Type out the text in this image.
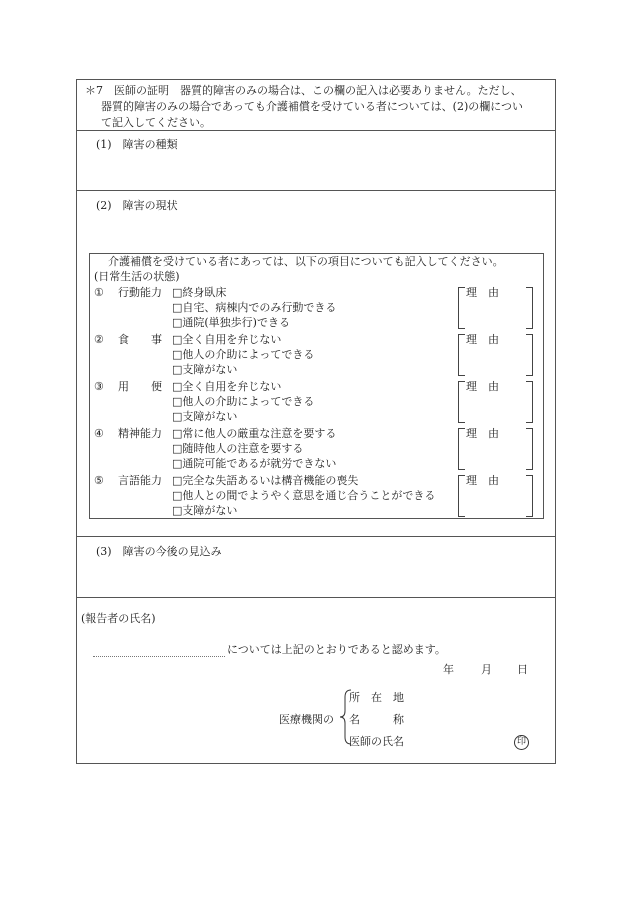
＊7　医師の証明　器質的障害のみの場合は、この欄の記入は必要ありません。ただし、
器質的障害のみの場合であっても介護補償を受けている者については、(2)の欄につい
て記入してください。
(1)　障害の種類
(2)　障害の現状
介護補償を受けている者にあっては、以下の項目についても記入してください。
(日常生活の状態)
① 行動能力 □終身臥床
□自宅、病棟内でのみ行動できる
□通院(単独歩行)できる
理　由
② 食　　事 □全く自用を弁じない
□他人の介助によってできる
□支障がない
理　由
③ 用　　便 □全く自用を弁じない
□他人の介助によってできる
□支障がない
理　由
④ 精神能力 □常に他人の厳重な注意を要する
□随時他人の注意を要する
□通院可能であるが就労できない
理　由
⑤ 言語能力 □完全な失語あるいは構音機能の喪失
□他人との間でようやく意思を通じ合うことができる
□支障がない
理　由
(3)　障害の今後の見込み
(報告者の氏名)
については上記のとおりであると認めます。
年 月 日
医療機関の
所　在　地
名　　　称
医師の氏名	印
